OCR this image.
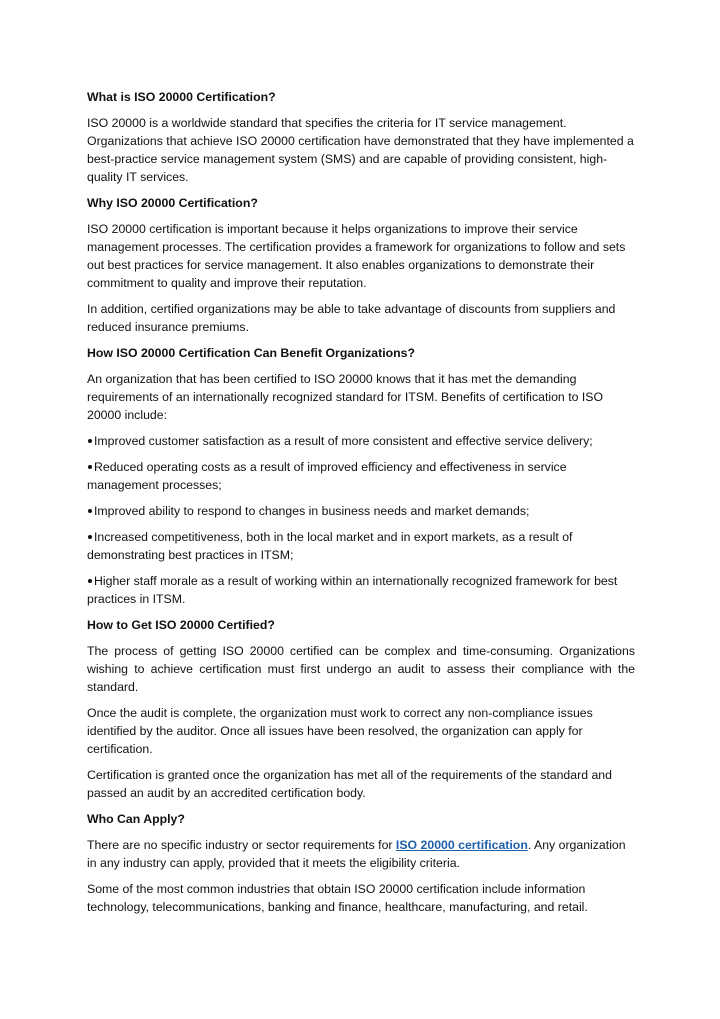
What is ISO 20000 Certification?

ISO 20000 is a worldwide standard that specifies the criteria for IT service management. Organizations that achieve ISO 20000 certification have demonstrated that they have implemented a best-practice service management system (SMS) and are capable of providing consistent, high-quality IT services.

Why ISO 20000 Certification?

ISO 20000 certification is important because it helps organizations to improve their service management processes. The certification provides a framework for organizations to follow and sets out best practices for service management. It also enables organizations to demonstrate their commitment to quality and improve their reputation.

In addition, certified organizations may be able to take advantage of discounts from suppliers and reduced insurance premiums.

How ISO 20000 Certification Can Benefit Organizations?

An organization that has been certified to ISO 20000 knows that it has met the demanding requirements of an internationally recognized standard for ITSM. Benefits of certification to ISO 20000 include:

Improved customer satisfaction as a result of more consistent and effective service delivery;
Reduced operating costs as a result of improved efficiency and effectiveness in service management processes;
Improved ability to respond to changes in business needs and market demands;
Increased competitiveness, both in the local market and in export markets, as a result of demonstrating best practices in ITSM;
Higher staff morale as a result of working within an internationally recognized framework for best practices in ITSM.
How to Get ISO 20000 Certified?

The process of getting ISO 20000 certified can be complex and time-consuming. Organizations wishing to achieve certification must first undergo an audit to assess their compliance with the standard.

Once the audit is complete, the organization must work to correct any non-compliance issues identified by the auditor. Once all issues have been resolved, the organization can apply for certification.

Certification is granted once the organization has met all of the requirements of the standard and passed an audit by an accredited certification body.

Who Can Apply?

There are no specific industry or sector requirements for ISO 20000 certification. Any organization in any industry can apply, provided that it meets the eligibility criteria.

Some of the most common industries that obtain ISO 20000 certification include information technology, telecommunications, banking and finance, healthcare, manufacturing, and retail.
